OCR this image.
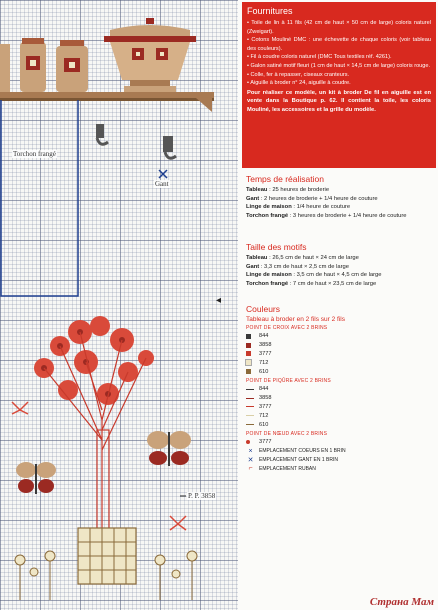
Torchon frangé
Gant
P. P. 3858
◂
Fournitures
• Toile de lin à 11 fils (42 cm de haut × 50 cm de large) coloris naturel (Zweigart).
• Cotons Mouliné DMC : une échevette de chaque coloris (voir tableau des couleurs).
• Fil à coudre coloris naturel (DMC Tous textiles réf. 4261).
• Galon satiné motif fleuri (1 cm de haut × 14,5 cm de large) coloris rouge.
• Colle, fer à repasser, ciseaux cranteurs.
• Aiguille à broder n° 24, aiguille à coudre.

Pour réaliser ce modèle, un kit à broder De fil en aiguille est en vente dans la Boutique p. 62. Il contient la toile, les coloris Mouliné, les accessoires et la grille du modèle.

Temps de réalisation
Tableau : 25 heures de broderie
Gant : 2 heures de broderie + 1/4 heure de couture
Linge de maison : 1/4 heure de couture
Torchon frangé : 3 heures de broderie + 1/4 heure de couture
Taille des motifs
Tableau : 26,5 cm de haut × 24 cm de large
Gant : 3,3 cm de haut × 2,5 cm de large
Linge de maison : 3,5 cm de haut × 4,5 cm de large
Torchon frangé : 7 cm de haut × 23,5 cm de large
Couleurs
Tableau à broder en 2 fils sur 2 fils
POINT DE CROIX AVEC 2 BRINS
844
3858
3777
712
610
POINT DE PIQÛRE AVEC 2 BRINS
844
3858
3777
712
610
POINT DE NŒUD AVEC 2 BRINS
3777
×	EMPLACEMENT COEURS EN 1 BRIN
✕	EMPLACEMENT GANT EN 1 BRIN
⌐	EMPLACEMENT RUBAN
Страна Мам
